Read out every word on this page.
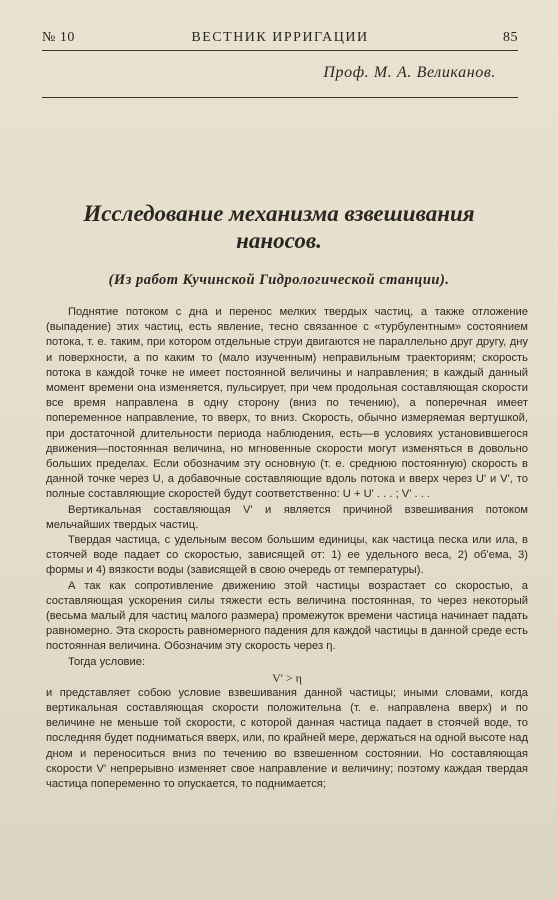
№ 10	ВЕСТНИК ИРРИГАЦИИ	85
Проф. М. А. Великанов.
Исследование механизма взвешивания
наносов.
(Из работ Кучинской Гидрологической станции).

Поднятие потоком с дна и перенос мелких твердых частиц, а также отложение (выпадение) этих частиц, есть явление, тесно связанное с «турбулентным» состоянием потока, т. е. таким, при котором отдельные струи двигаются не параллельно друг другу, дну и поверхности, а по каким то (мало изученным) неправильным траекториям; скорость потока в каждой точке не имеет постоянной величины и направления; в каждый данный момент времени она изменяется, пульсирует, при чем продольная составляющая скорости все время направлена в одну сторону (вниз по течению), а поперечная имеет попеременное направление, то вверх, то вниз. Скорость, обычно измеряемая вертушкой, при достаточной длительности периода наблюдения, есть—в условиях установившегося движения—постоянная величина, но мгновенные скорости могут изменяться в довольно больших пределах. Если обозначим эту основную (т. е. среднюю постоянную) скорость в данной точке через U, а добавочные составляющие вдоль потока и вверх через U' и V', то полные составляющие скоростей будут соответственно: U + U' . . . ; V' . . .

Вертикальная составляющая V' и является причиной взвешивания потоком мельчайших твердых частиц.

Твердая частица, с удельным весом большим единицы, как частица песка или ила, в стоячей воде падает со скоростью, зависящей от: 1) ее удельного веса, 2) об'ема, 3) формы и 4) вязкости воды (зависящей в свою очередь от температуры).

А так как сопротивление движению этой частицы возрастает со скоростью, а составляющая ускорения силы тяжести есть величина постоянная, то через некоторый (весьма малый для частиц малого размера) промежуток времени частица начинает падать равномерно. Эта скорость равномерного падения для каждой частицы в данной среде есть постоянная величина. Обозначим эту скорость через η.

Тогда условие:

V' > η

и представляет собою условие взвешивания данной частицы; иными словами, когда вертикальная составляющая скорости положительна (т. е. направлена вверх) и по величине не меньше той скорости, с которой данная частица падает в стоячей воде, то последняя будет подниматься вверх, или, по крайней мере, держаться на одной высоте над дном и переноситься вниз по течению во взвешенном состоянии. Но составляющая скорости V' непрерывно изменяет свое направление и величину; поэтому каждая твердая частица попеременно то опускается, то поднимается;
